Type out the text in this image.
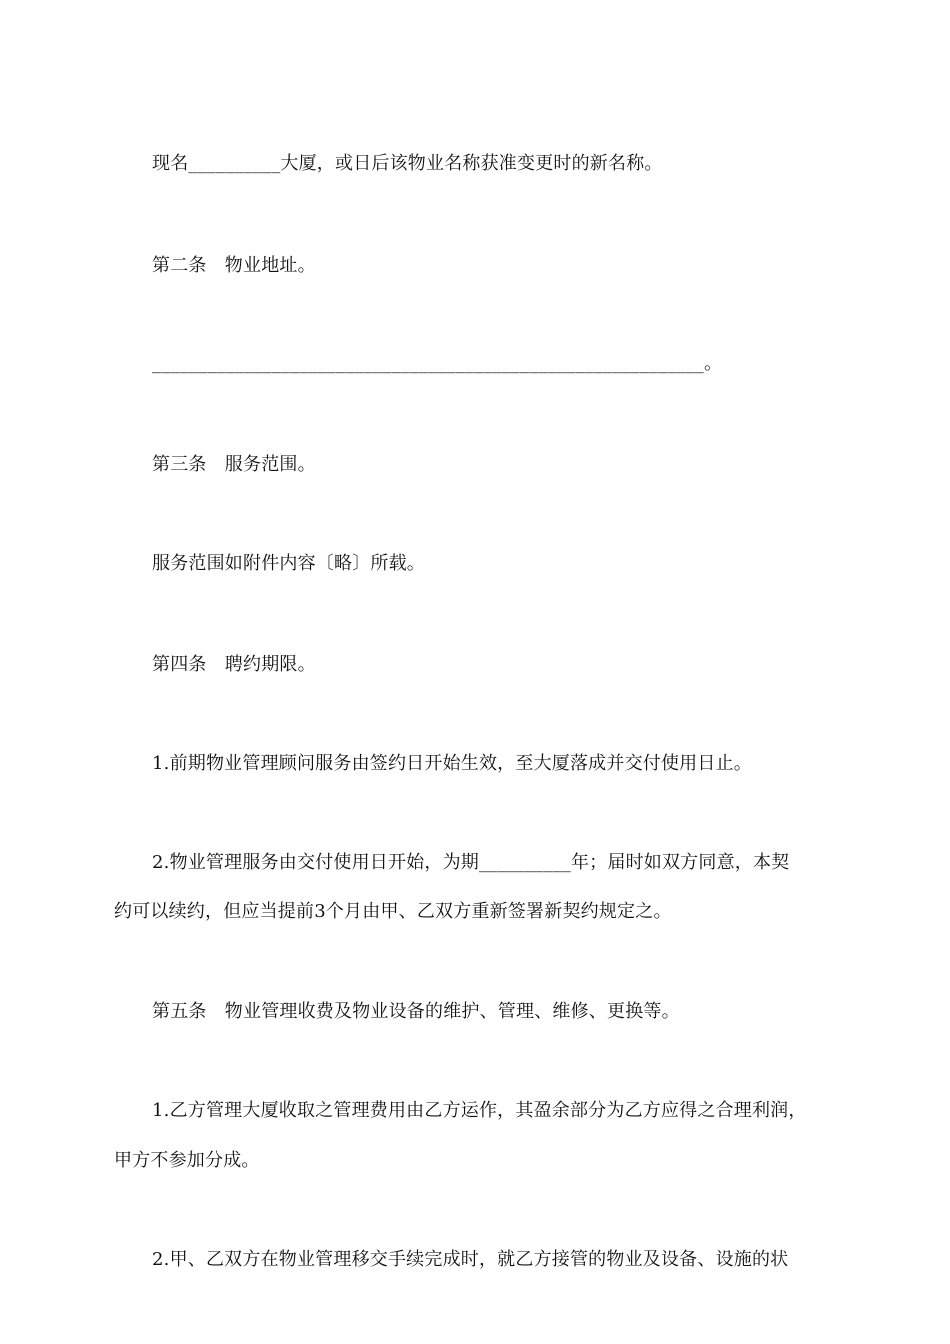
现名__________大厦，或日后该物业名称获准变更时的新名称。
第二条　物业地址。
____________________________________________________________。
第三条　服务范围。
服务范围如附件内容〔略〕所载。
第四条　聘约期限。
1.前期物业管理顾问服务由签约日开始生效，至大厦落成并交付使用日止。
2.物业管理服务由交付使用日开始，为期__________年；届时如双方同意，本契
约可以续约，但应当提前3个月由甲、乙双方重新签署新契约规定之。
第五条　物业管理收费及物业设备的维护、管理、维修、更换等。
1.乙方管理大厦收取之管理费用由乙方运作，其盈余部分为乙方应得之合理利润，
甲方不参加分成。
2.甲、乙双方在物业管理移交手续完成时，就乙方接管的物业及设备、设施的状
